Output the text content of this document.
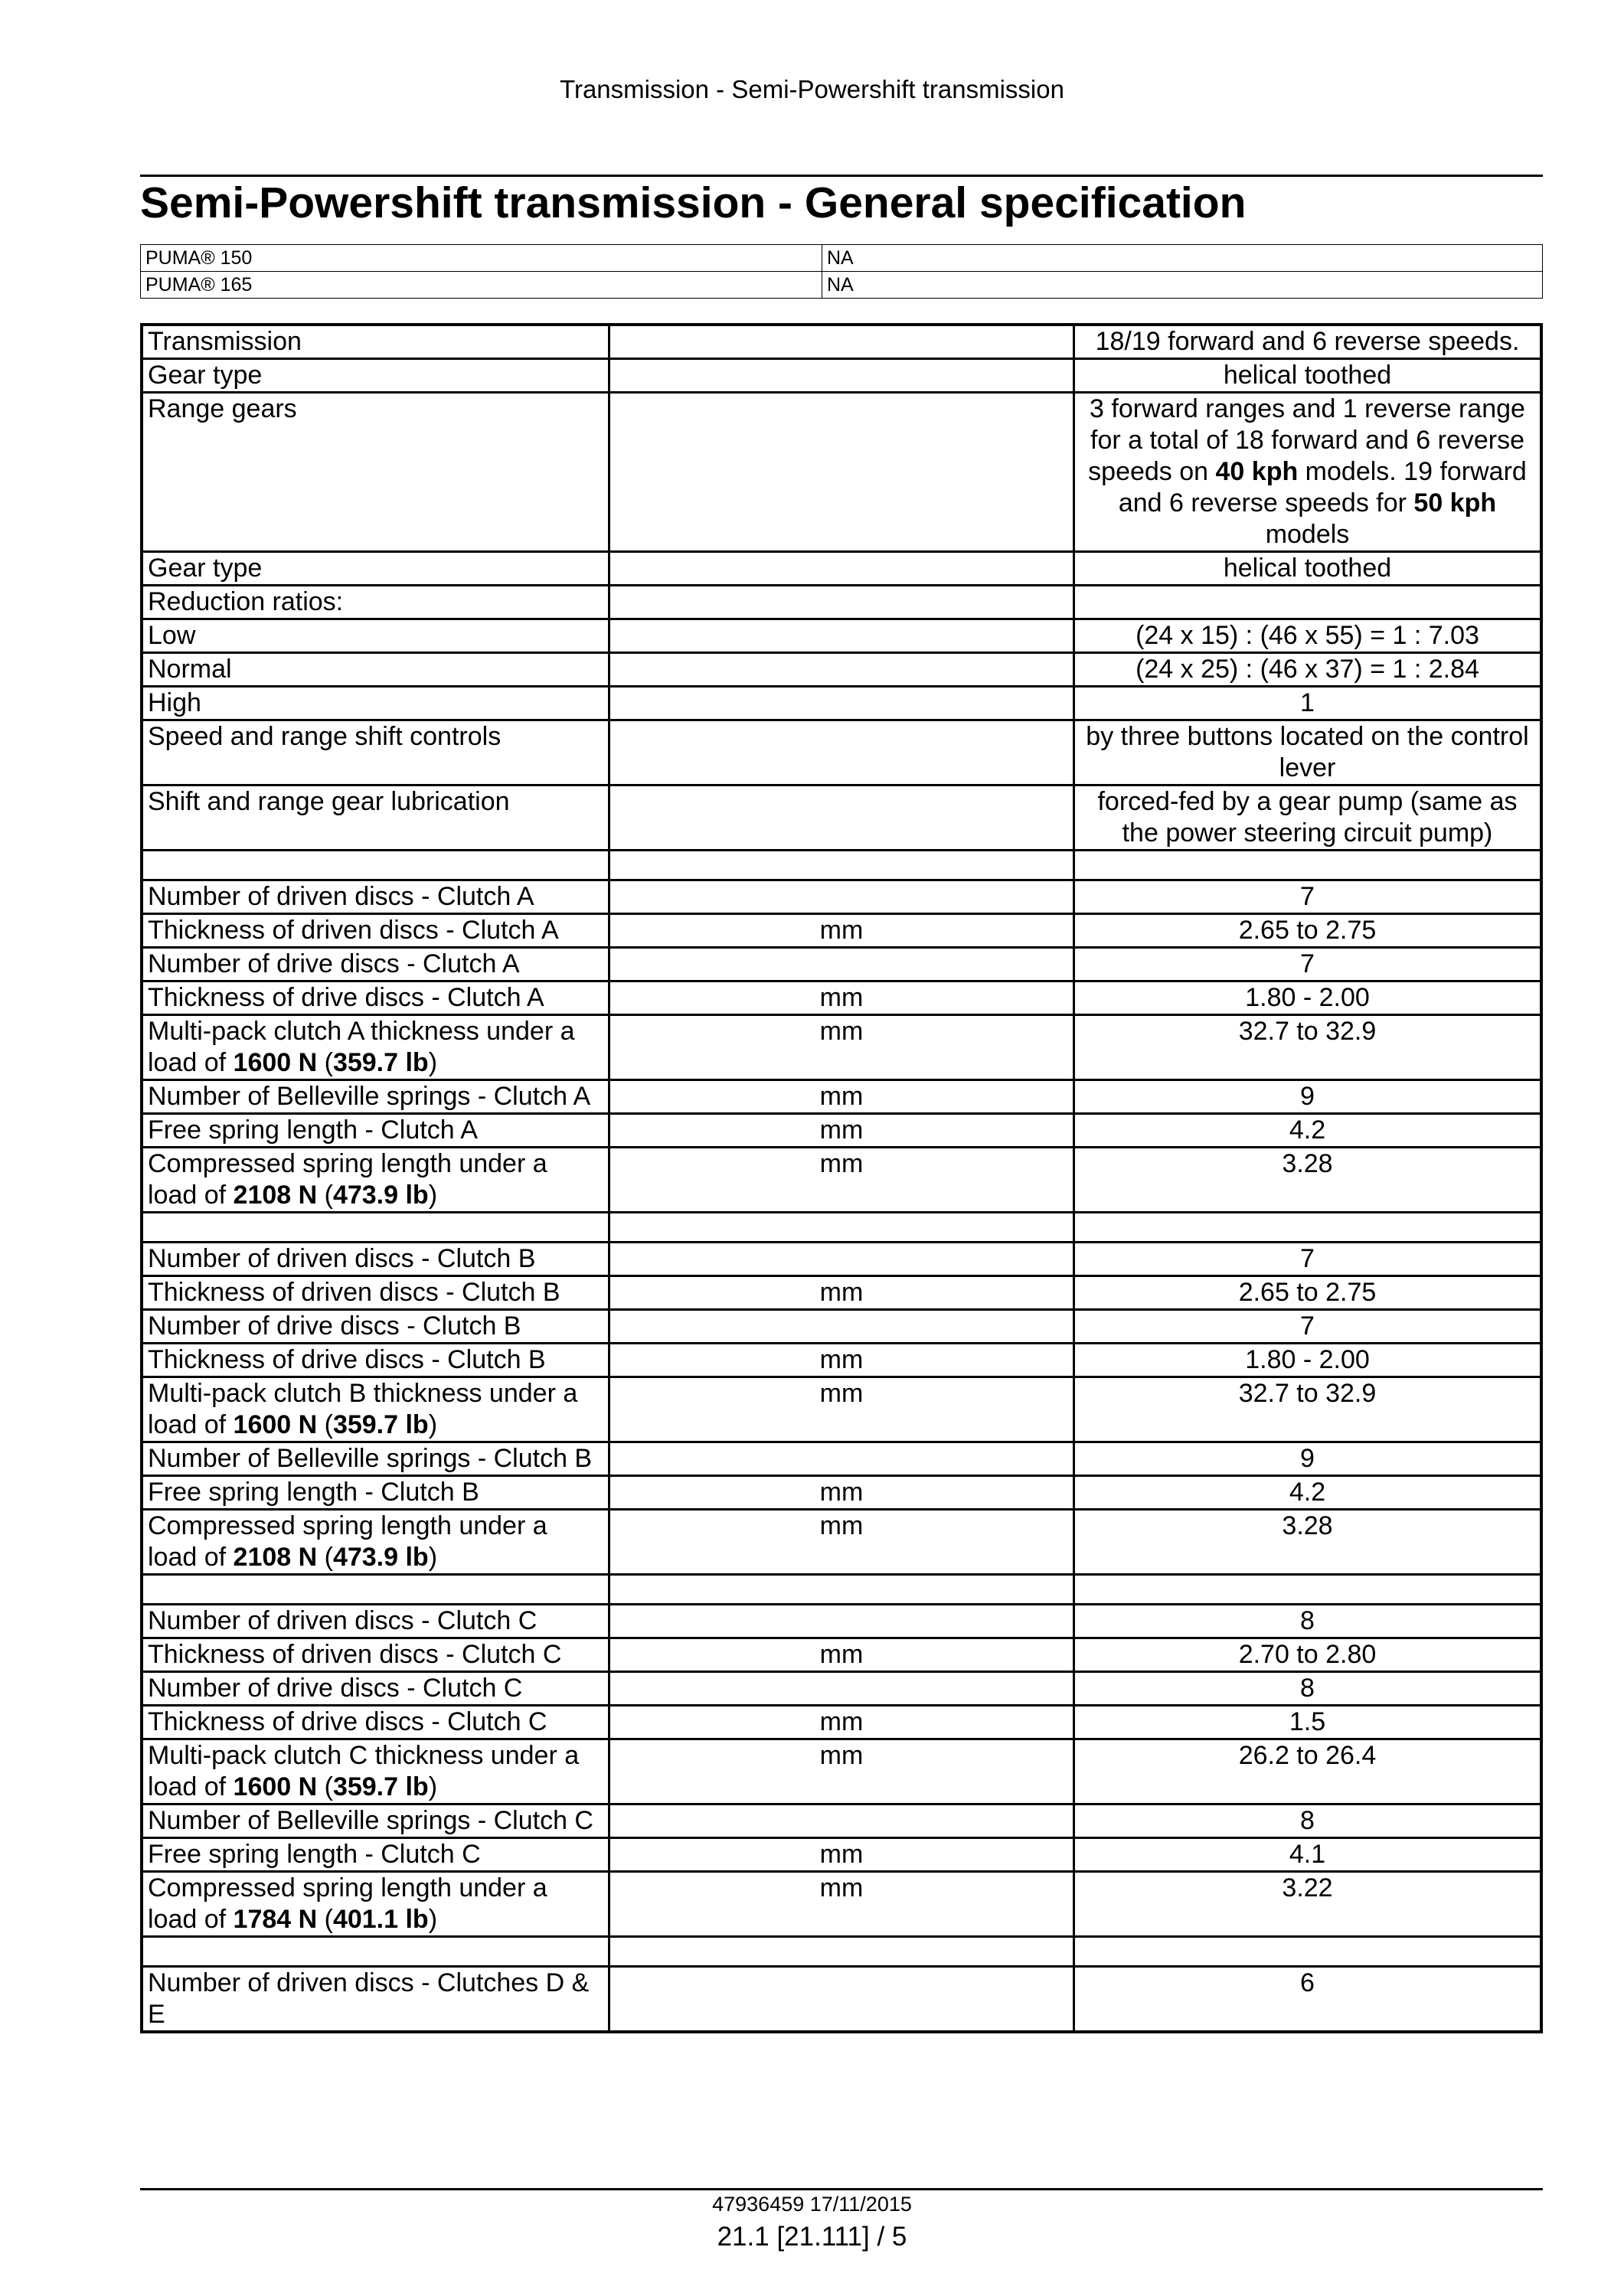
Transmission - Semi-Powershift transmission
Semi-Powershift transmission - General specification
PUMA® 150	NA
PUMA® 165	NA
Transmission		18/19 forward and 6 reverse speeds.
Gear type		helical toothed
Range gears		3 forward ranges and 1 reverse range for a total of 18 forward and 6 reverse speeds on 40 kph models. 19 forward and 6 reverse speeds for 50 kph models
Gear type		helical toothed
Reduction ratios:		
Low		(24 x 15) : (46 x 55) = 1 : 7.03
Normal		(24 x 25) : (46 x 37) = 1 : 2.84
High		1
Speed and range shift controls		by three buttons located on the control lever
Shift and range gear lubrication		forced-fed by a gear pump (same as the power steering circuit pump)

Number of driven discs - Clutch A		7
Thickness of driven discs - Clutch A	mm	2.65 to 2.75
Number of drive discs - Clutch A		7
Thickness of drive discs - Clutch A	mm	1.80 - 2.00
Multi-pack clutch A thickness under a load of 1600 N (359.7 lb)	mm	32.7 to 32.9
Number of Belleville springs - Clutch A	mm	9
Free spring length - Clutch A	mm	4.2
Compressed spring length under a load of 2108 N (473.9 lb)	mm	3.28

Number of driven discs - Clutch B		7
Thickness of driven discs - Clutch B	mm	2.65 to 2.75
Number of drive discs - Clutch B		7
Thickness of drive discs - Clutch B	mm	1.80 - 2.00
Multi-pack clutch B thickness under a load of 1600 N (359.7 lb)	mm	32.7 to 32.9
Number of Belleville springs - Clutch B		9
Free spring length - Clutch B	mm	4.2
Compressed spring length under a load of 2108 N (473.9 lb)	mm	3.28

Number of driven discs - Clutch C		8
Thickness of driven discs - Clutch C	mm	2.70 to 2.80
Number of drive discs - Clutch C		8
Thickness of drive discs - Clutch C	mm	1.5
Multi-pack clutch C thickness under a load of 1600 N (359.7 lb)	mm	26.2 to 26.4
Number of Belleville springs - Clutch C		8
Free spring length - Clutch C	mm	4.1
Compressed spring length under a load of 1784 N (401.1 lb)	mm	3.22

Number of driven discs - Clutches D & E		6
47936459 17/11/2015
21.1 [21.111] / 5
